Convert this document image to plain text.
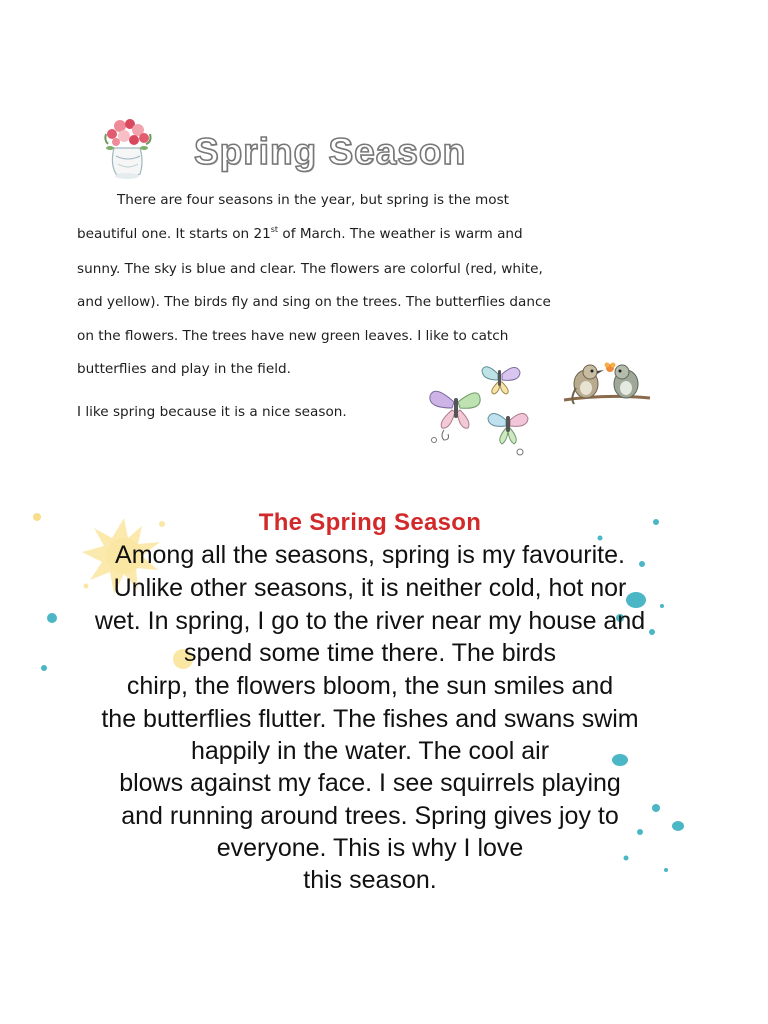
Spring Season

There are four seasons in the year, but spring is the most

beautiful one. It starts on 21st of March. The weather is warm and

sunny. The sky is blue and clear. The flowers are colorful (red, white,

and yellow). The birds fly and sing on the trees. The butterflies dance

on the flowers. The trees have new green leaves. I like to catch

butterflies and play in the field.

I like spring because it is a nice season.

The Spring Season

Among all the seasons, spring is my favourite.

Unlike other seasons, it is neither cold, hot nor

wet. In spring, I go to the river near my house and

spend some time there. The birds

chirp, the flowers bloom, the sun smiles and

the butterflies flutter. The fishes and swans swim

happily in the water. The cool air

blows against my face. I see squirrels playing

and running around trees. Spring gives joy to

everyone. This is why I love

this season.
